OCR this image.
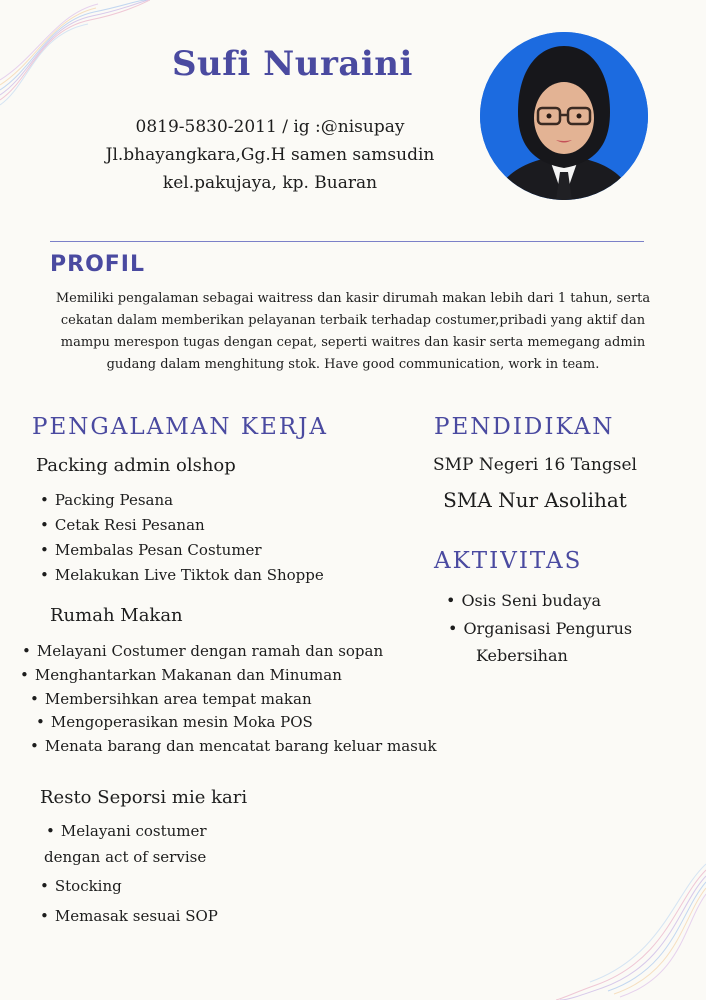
Sufi Nuraini
0819-5830-2011 / ig :@nisupay
Jl.bhayangkara,Gg.H samen samsudin
kel.pakujaya, kp. Buaran
PROFIL
Memiliki pengalaman sebagai waitress dan kasir dirumah makan lebih dari 1 tahun, serta
cekatan dalam memberikan pelayanan terbaik terhadap costumer,pribadi yang aktif dan
mampu merespon tugas dengan cepat, seperti waitres dan kasir serta memegang admin
gudang dalam menghitung stok. Have good communication, work in team.
PENGALAMAN KERJA
Packing admin olshop
• Packing Pesana
• Cetak Resi Pesanan
• Membalas Pesan Costumer
• Melakukan Live Tiktok dan Shoppe
Rumah Makan
• Melayani Costumer dengan ramah dan sopan
• Menghantarkan Makanan dan Minuman
• Membersihkan area tempat makan
• Mengoperasikan mesin Moka POS
• Menata barang dan mencatat barang keluar masuk
Resto Seporsi mie kari
• Melayani costumer
dengan act of servise
• Stocking
• Memasak sesuai SOP
PENDIDIKAN
SMP Negeri 16 Tangsel
SMA Nur Asolihat
AKTIVITAS
• Osis Seni budaya
• Organisasi Pengurus
Kebersihan
